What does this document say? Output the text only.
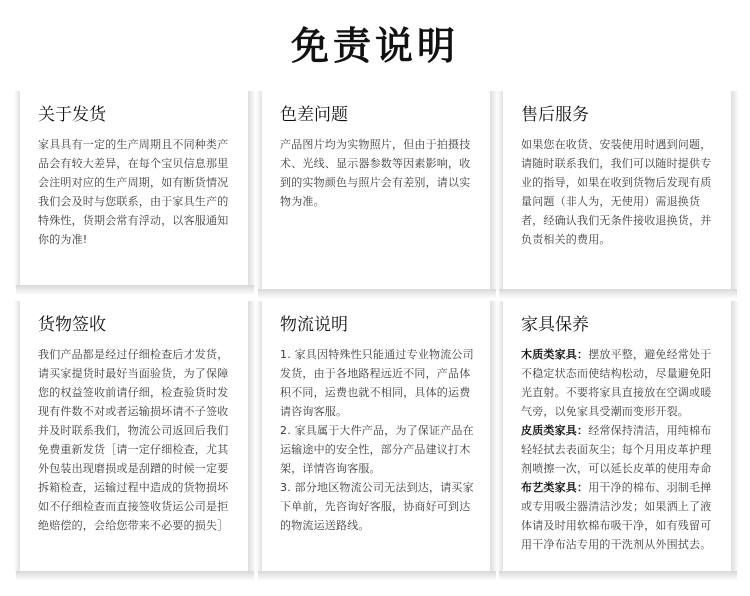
免责说明
关于发货
家具具有一定的生产周期且不同种类产品会有较大差异，在每个宝贝信息那里会注明对应的生产周期，如有断货情况我们会及时与您联系，由于家具生产的特殊性，货期会常有浮动，以客服通知你的为准!
色差问题
产品图片均为实物照片，但由于拍摄技术、光线、显示器参数等因素影响，收到的实物颜色与照片会有差别，请以实物为准。
售后服务
如果您在收货、安装使用时遇到问题，请随时联系我们，我们可以随时提供专业的指导，如果在收到货物后发现有质量问题（非人为，无使用）需退换货者，经确认我们无条件接收退换货，并负责相关的费用。
货物签收
我们产品都是经过仔细检查后才发货，请买家提货时最好当面验货，为了保障您的权益签收前请仔细，检查验货时发现有件数不对或者运输损坏请不子签收并及时联系我们，物流公司返回后我们免费重新发货［请一定仔细检查，尤其外包装出现磨损或是刮蹭的时候一定要拆箱检查，运输过程中造成的货物损坏如不仔细检查而直接签收货运公司是拒绝赔偿的，会给您带来不必要的损失］
物流说明

1. 家具因特殊性只能通过专业物流公司发货，由于各地路程远近不同，产品体积不同，运费也就不相同，具体的运费请咨询客服。

2. 家具属于大件产品，为了保证产品在运输途中的安全性，部分产品建议打木架，详情咨询客服。

3. 部分地区物流公司无法到达，请买家下单前，先咨询好客服，协商好可到达的物流运送路线。

家具保养

木质类家具：摆放平整，避免经常处于不稳定状态而使结构松动，尽量避免阳光直射。不要将家具直接放在空调或暖气旁，以免家具受潮而变形开裂。

皮质类家具：经常保持清洁，用纯棉布轻轻拭去表面灰尘；每个月用皮革护理剂喷擦一次，可以延长皮革的使用寿命

布艺类家具：用干净的棉布、羽制毛掸或专用吸尘器清洁沙发；如果洒上了液体请及时用软棉布吸干净，如有残留可用干净布沾专用的干洗剂从外围拭去。
